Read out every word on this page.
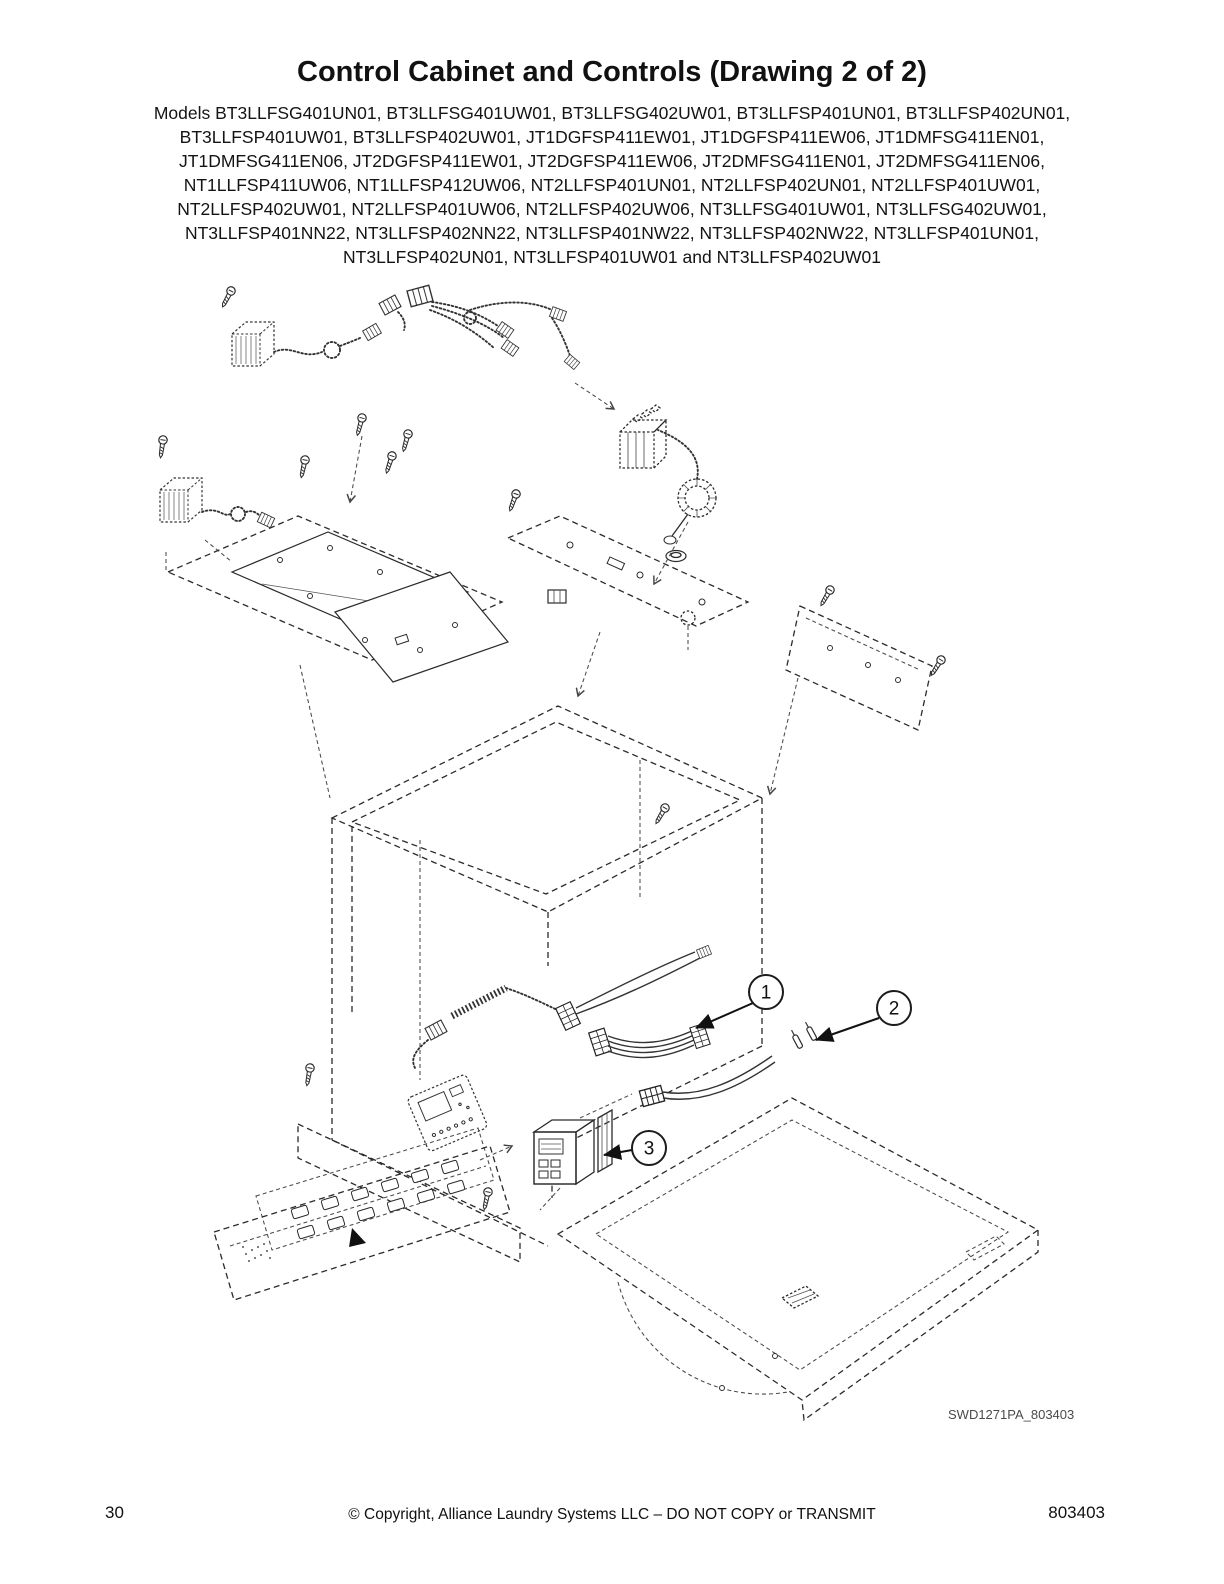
Control Cabinet and Controls (Drawing 2 of 2)
Models BT3LLFSG401UN01, BT3LLFSG401UW01, BT3LLFSG402UW01, BT3LLFSP401UN01, BT3LLFSP402UN01,
BT3LLFSP401UW01, BT3LLFSP402UW01, JT1DGFSP411EW01, JT1DGFSP411EW06, JT1DMFSG411EN01,
JT1DMFSG411EN06, JT2DGFSP411EW01, JT2DGFSP411EW06, JT2DMFSG411EN01, JT2DMFSG411EN06,
NT1LLFSP411UW06, NT1LLFSP412UW06, NT2LLFSP401UN01, NT2LLFSP402UN01, NT2LLFSP401UW01,
NT2LLFSP402UW01, NT2LLFSP401UW06, NT2LLFSP402UW06, NT3LLFSG401UW01, NT3LLFSG402UW01,
NT3LLFSP401NN22, NT3LLFSP402NN22, NT3LLFSP401NW22, NT3LLFSP402NW22, NT3LLFSP401UN01,
NT3LLFSP402UN01, NT3LLFSP401UW01 and NT3LLFSP402UW01
1
2
3
SWD1271PA_803403
30	© Copyright, Alliance Laundry Systems LLC – DO NOT COPY or TRANSMIT	803403
